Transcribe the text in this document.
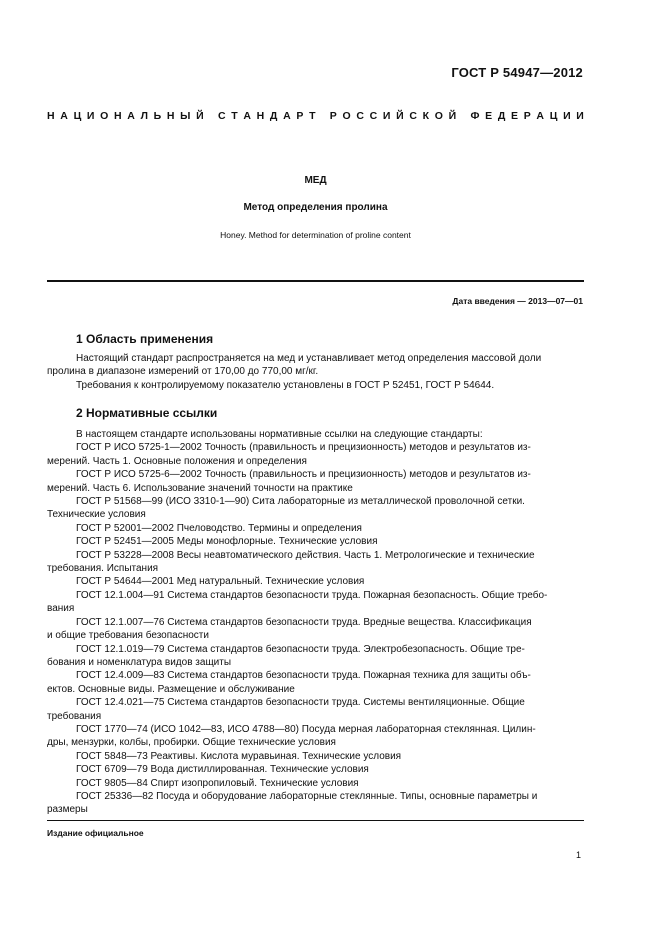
ГОСТ Р 54947—2012
Н А Ц И О Н А Л Ь Н Ы Й
С Т А Н Д А Р Т
Р О С С И Й С К О Й
Ф Е Д Е Р А Ц И И
МЕД
Метод определения пролина
Honey. Method for determination of proline content
Дата введения — 2013—07—01
1 Область применения
Настоящий стандарт распространяется на мед и устанавливает метод определения массовой доли
пролина в диапазоне измерений от 170,00 до 770,00 мг/кг.
Требования к контролируемому показателю установлены в ГОСТ Р 52451, ГОСТ Р 54644.
2 Нормативные ссылки
В настоящем стандарте использованы нормативные ссылки на следующие стандарты:
ГОСТ Р ИСО 5725-1—2002 Точность (правильность и прецизионность) методов и результатов из-
мерений. Часть 1. Основные положения и определения
ГОСТ Р ИСО 5725-6—2002 Точность (правильность и прецизионность) методов и результатов из-
мерений. Часть 6. Использование значений точности на практике
ГОСТ Р 51568—99 (ИСО 3310-1—90) Сита лабораторные из металлической проволочной сетки.
Технические условия
ГОСТ Р 52001—2002 Пчеловодство. Термины и определения
ГОСТ Р 52451—2005 Меды монофлорные. Технические условия
ГОСТ Р 53228—2008 Весы неавтоматического действия. Часть 1. Метрологические и технические
требования. Испытания
ГОСТ Р 54644—2001 Мед натуральный. Технические условия
ГОСТ 12.1.004—91 Система стандартов безопасности труда. Пожарная безопасность. Общие требо-
вания
ГОСТ 12.1.007—76 Система стандартов безопасности труда. Вредные вещества. Классификация
и общие требования безопасности
ГОСТ 12.1.019—79 Система стандартов безопасности труда. Электробезопасность. Общие тре-
бования и номенклатура видов защиты
ГОСТ 12.4.009—83 Система стандартов безопасности труда. Пожарная техника для защиты объ-
ектов. Основные виды. Размещение и обслуживание
ГОСТ 12.4.021—75 Система стандартов безопасности труда. Системы вентиляционные. Общие
требования
ГОСТ 1770—74 (ИСО 1042—83, ИСО 4788—80) Посуда мерная лабораторная стеклянная. Цилин-
дры, мензурки, колбы, пробирки. Общие технические условия
ГОСТ 5848—73 Реактивы. Кислота муравьиная. Технические условия
ГОСТ 6709—79 Вода дистиллированная. Технические условия
ГОСТ 9805—84 Спирт изопропиловый. Технические условия
ГОСТ 25336—82 Посуда и оборудование лабораторные стеклянные. Типы, основные параметры и
размеры
Издание официальное
1
